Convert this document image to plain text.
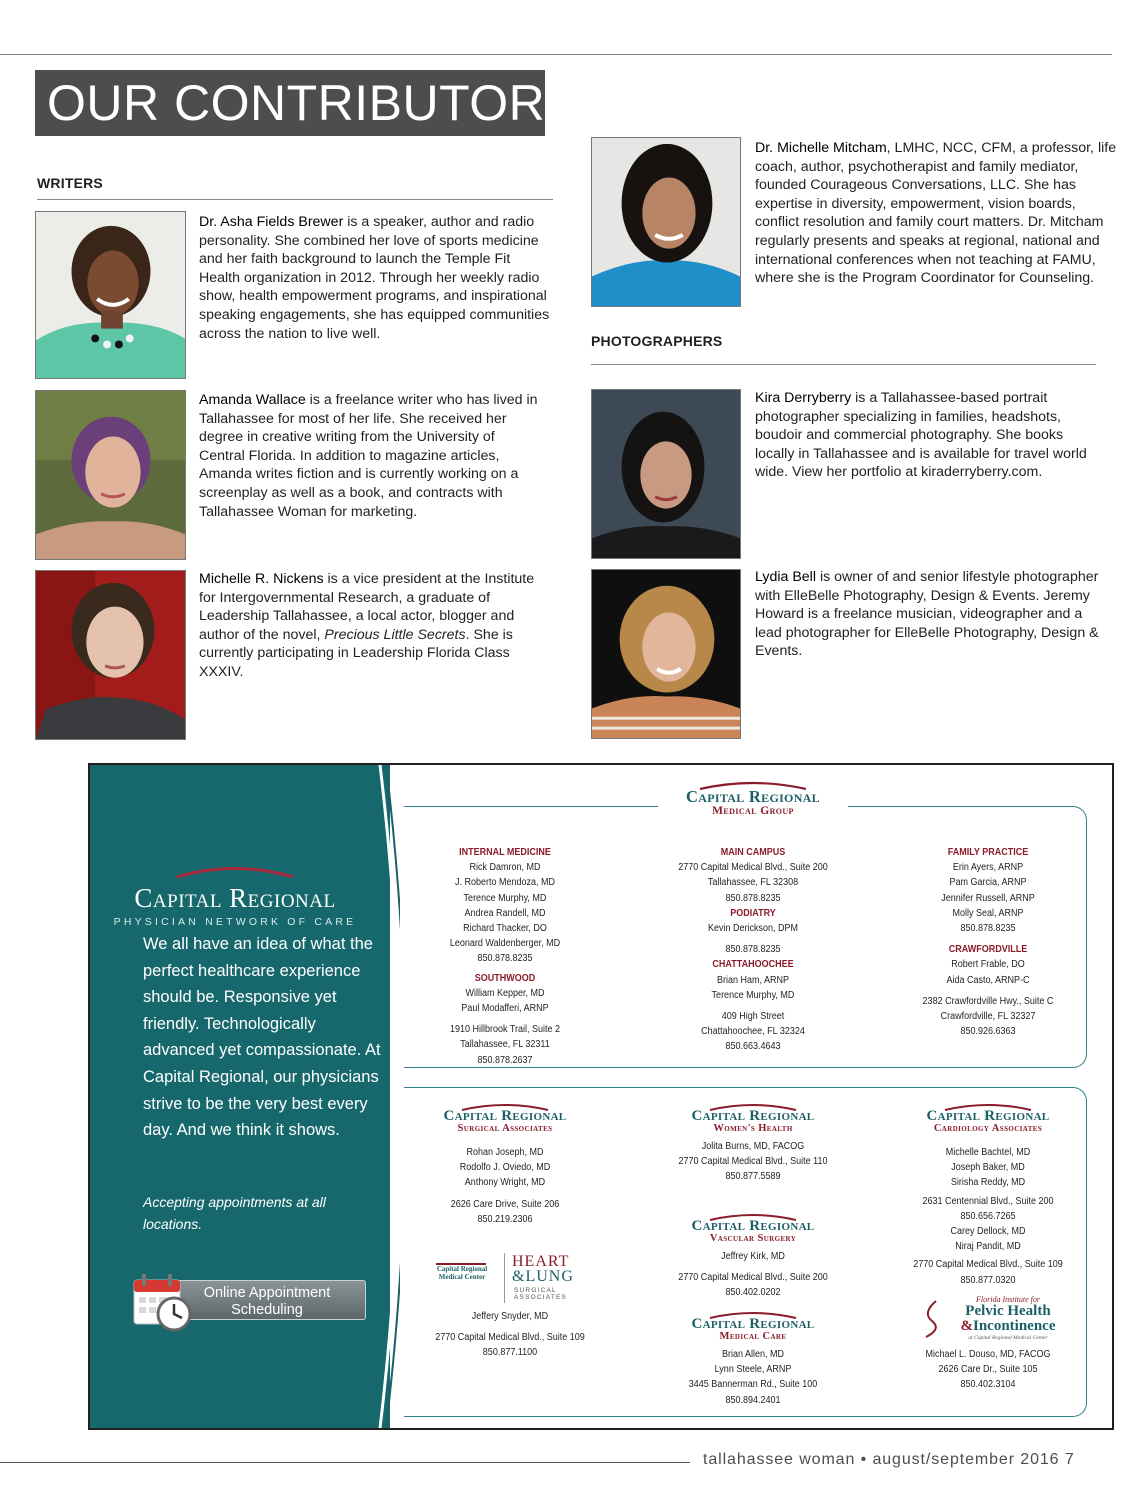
OUR CONTRIBUTORS
WRITERS
Dr. Asha Fields Brewer is a speaker, author and radio personality. She combined her love of sports medicine and her faith background to launch the Temple Fit Health organization in 2012. Through her weekly radio show, health empowerment programs, and inspirational speaking engagements, she has equipped communities across the nation to live well.
Amanda Wallace is a freelance writer who has lived in Tallahassee for most of her life. She received her degree in creative writing from the University of Central Florida. In addition to magazine articles, Amanda writes fiction and is currently working on a screenplay as well as a book, and contracts with Tallahassee Woman for marketing.
Michelle R. Nickens is a vice president at the Institute for Intergovernmental Research, a graduate of Leadership Tallahassee, a local actor, blogger and author of the novel, Precious Little Secrets. She is currently participating in Leadership Florida Class XXXIV.
Dr. Michelle Mitcham, LMHC, NCC, CFM, a professor, life coach, author, psychotherapist and family mediator, founded Courageous Conversations, LLC. She has expertise in diversity, empowerment, vision boards, conflict resolution and family court matters. Dr. Mitcham regularly presents and speaks at regional, national and international conferences when not teaching at FAMU, where she is the Program Coordinator for Counseling.
PHOTOGRAPHERS
Kira Derryberry is a Tallahassee-based portrait photographer specializing in families, headshots, boudoir and commercial photography. She books locally in Tallahassee and is available for travel world wide. View her portfolio at kiraderryberry.com.
Lydia Bell is owner of and senior lifestyle photographer with ElleBelle Photography, Design & Events. Jeremy Howard is a freelance musician, videographer and a lead photographer for ElleBelle Photography, Design & Events.
Capital Regional
PHYSICIAN NETWORK OF CARE
We all have an idea of what the perfect healthcare experience should be. Responsive yet friendly. Technologically advanced yet compassionate. At Capital Regional, our physicians strive to be the very best every day. And we think it shows.
Accepting appointments at all locations.
Online Appointment Scheduling
Capital Regional
Medical Group
INTERNAL MEDICINE
Rick Damron, MD
J. Roberto Mendoza, MD
Terence Murphy, MD
Andrea Randell, MD
Richard Thacker, DO
Leonard Waldenberger, MD
850.878.8235
SOUTHWOOD
William Kepper, MD
Paul Modafferi, ARNP
1910 Hillbrook Trail, Suite 2
Tallahassee, FL 32311
850.878.2637
MAIN CAMPUS
2770 Capital Medical Blvd., Suite 200
Tallahassee, FL 32308
850.878.8235
PODIATRY
Kevin Derickson, DPM
850.878.8235
CHATTAHOOCHEE
Brian Ham, ARNP
Terence Murphy, MD
409 High Street
Chattahoochee, FL 32324
850.663.4643
FAMILY PRACTICE
Erin Ayers, ARNP
Pam Garcia, ARNP
Jennifer Russell, ARNP
Molly Seal, ARNP
850.878.8235
CRAWFORDVILLE
Robert Frable, DO
Aida Casto, ARNP-C
2382 Crawfordville Hwy., Suite C
Crawfordville, FL 32327
850.926.6363
Capital Regional
Surgical Associates
Rohan Joseph, MD
Rodolfo J. Oviedo, MD
Anthony Wright, MD
2626 Care Drive, Suite 206
850.219.2306
Capital Regional Medical Center
HEART
&LUNG
SURGICAL ASSOCIATES
Jeffery Snyder, MD
2770 Capital Medical Blvd., Suite 109
850.877.1100
Capital Regional
Women's Health
Jolita Burns, MD, FACOG
2770 Capital Medical Blvd., Suite 110
850.877.5589
Capital Regional
Vascular Surgery
Jeffrey Kirk, MD
2770 Capital Medical Blvd., Suite 200
850.402.0202
Capital Regional
Medical Care
Brian Allen, MD
Lynn Steele, ARNP
3445 Bannerman Rd., Suite 100
850.894.2401
Capital Regional
Cardiology Associates
Michelle Bachtel, MD
Joseph Baker, MD
Sirisha Reddy, MD
2631 Centennial Blvd., Suite 200
850.656.7265
Carey Dellock, MD
Niraj Pandit, MD
2770 Capital Medical Blvd., Suite 109
850.877.0320
Florida Institute for
Pelvic Health
&Incontinence
at Capital Regional Medical Center
Michael L. Douso, MD, FACOG
2626 Care Dr., Suite 105
850.402.3104
tallahassee woman • august/september 2016 7
